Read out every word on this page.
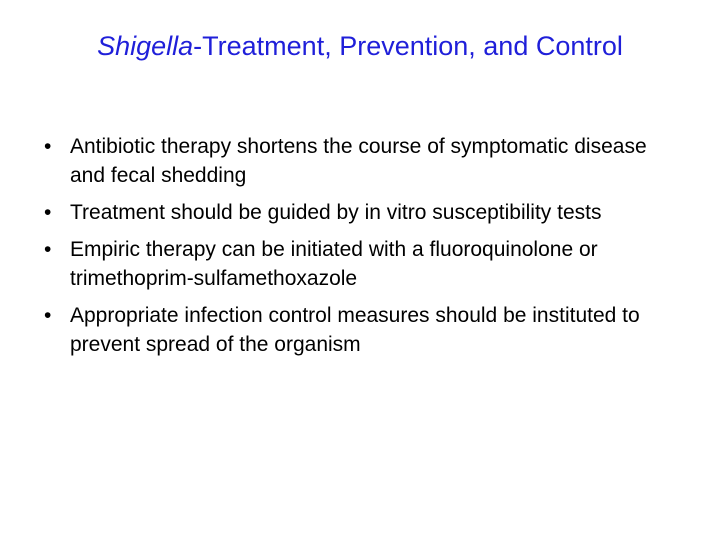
Shigella-Treatment, Prevention, and Control
• Antibiotic therapy shortens the course of symptomatic disease and fecal shedding
• Treatment should be guided by in vitro susceptibility tests
• Empiric therapy can be initiated with a fluoroquinolone or trimethoprim-sulfamethoxazole
• Appropriate infection control measures should be instituted to prevent spread of the organism
